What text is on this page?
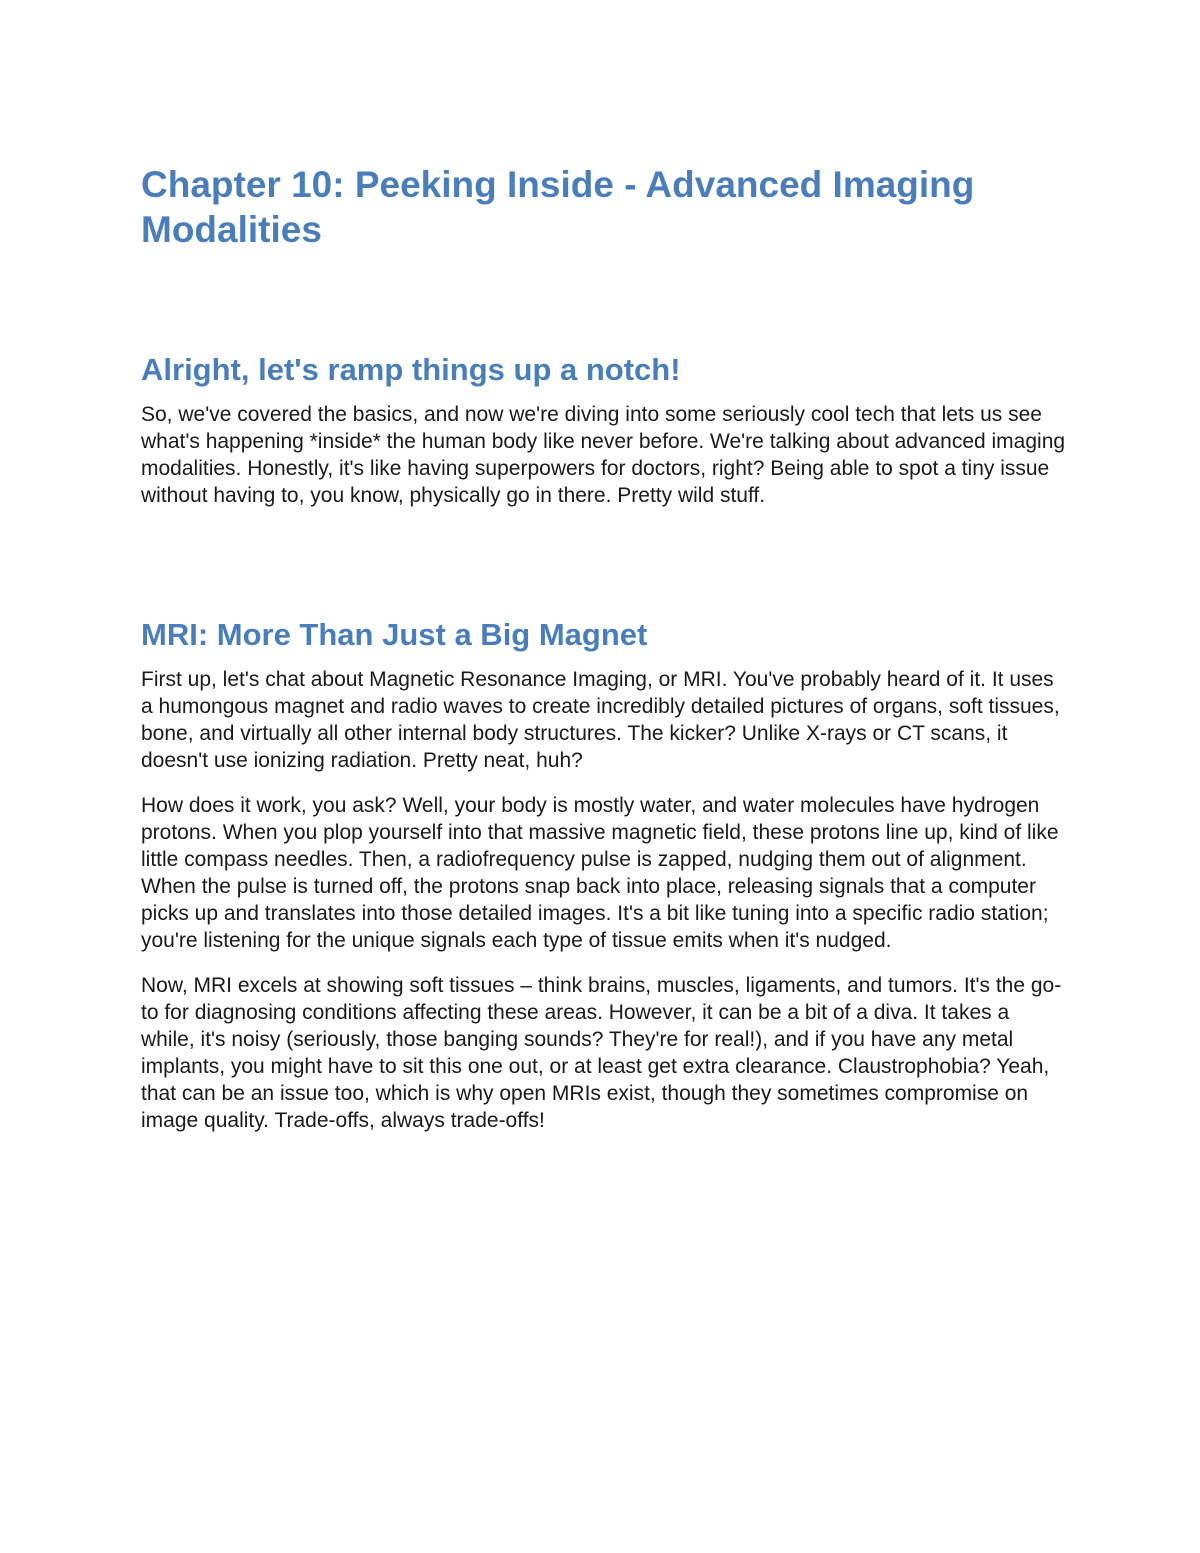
Chapter 10: Peeking Inside - Advanced Imaging Modalities
Alright, let's ramp things up a notch!

So, we've covered the basics, and now we're diving into some seriously cool tech that lets us see what's happening *inside* the human body like never before. We're talking about advanced imaging modalities. Honestly, it's like having superpowers for doctors, right? Being able to spot a tiny issue without having to, you know, physically go in there. Pretty wild stuff.

MRI: More Than Just a Big Magnet

First up, let's chat about Magnetic Resonance Imaging, or MRI. You've probably heard of it. It uses a humongous magnet and radio waves to create incredibly detailed pictures of organs, soft tissues, bone, and virtually all other internal body structures. The kicker? Unlike X-rays or CT scans, it doesn't use ionizing radiation. Pretty neat, huh?

How does it work, you ask? Well, your body is mostly water, and water molecules have hydrogen protons. When you plop yourself into that massive magnetic field, these protons line up, kind of like little compass needles. Then, a radiofrequency pulse is zapped, nudging them out of alignment. When the pulse is turned off, the protons snap back into place, releasing signals that a computer picks up and translates into those detailed images. It's a bit like tuning into a specific radio station; you're listening for the unique signals each type of tissue emits when it's nudged.

Now, MRI excels at showing soft tissues – think brains, muscles, ligaments, and tumors. It's the go-to for diagnosing conditions affecting these areas. However, it can be a bit of a diva. It takes a while, it's noisy (seriously, those banging sounds? They're for real!), and if you have any metal implants, you might have to sit this one out, or at least get extra clearance. Claustrophobia? Yeah, that can be an issue too, which is why open MRIs exist, though they sometimes compromise on image quality. Trade-offs, always trade-offs!
